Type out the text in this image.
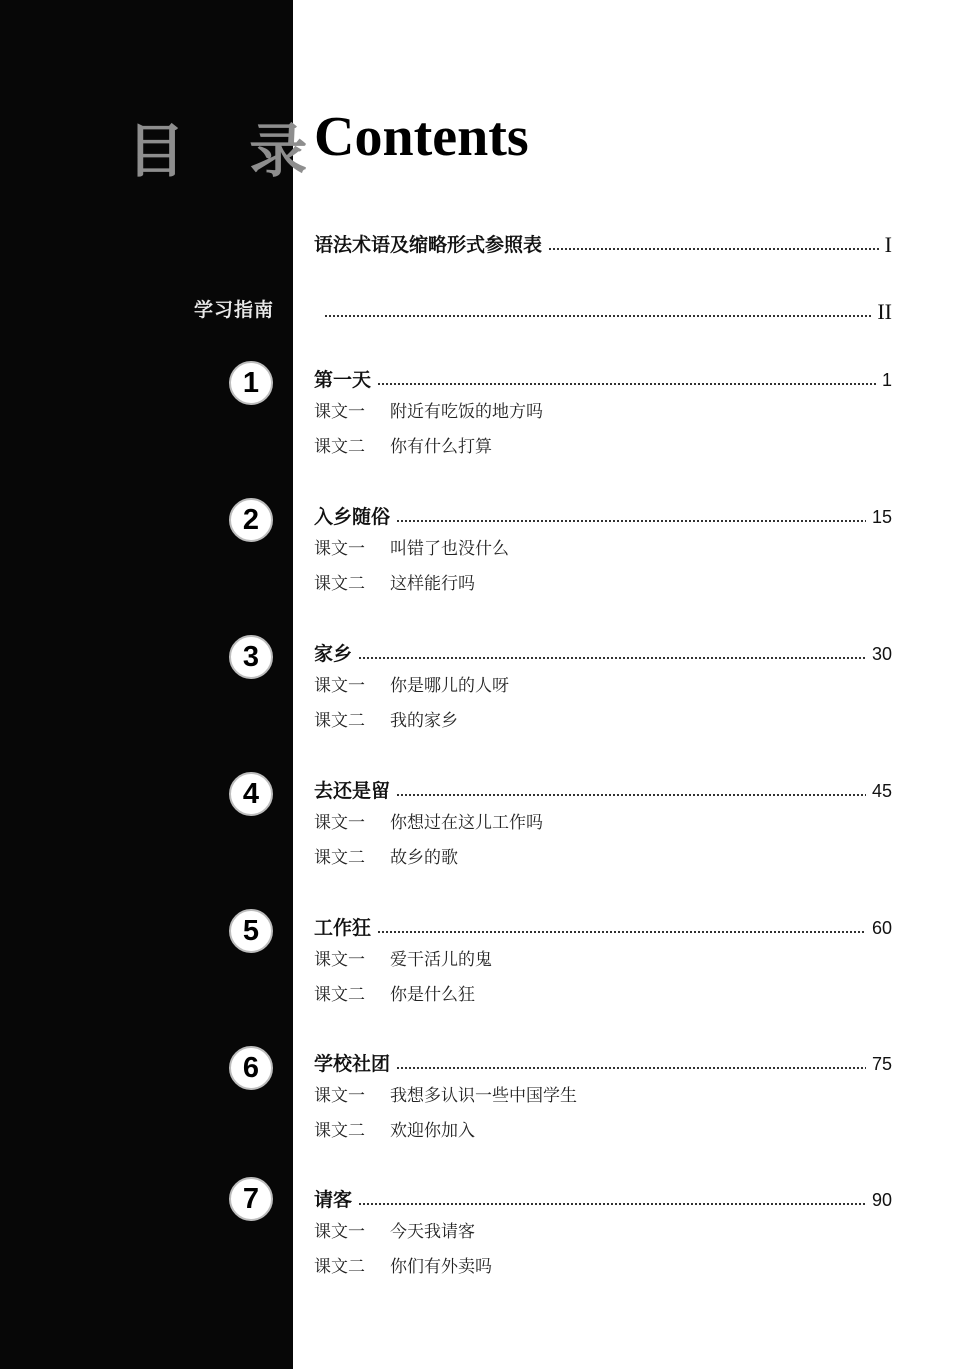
目 录
Contents
语法术语及缩略形式参照表	I
学习指南	II
1	第一天	1
课文一 附近有吃饭的地方吗
课文二 你有什么打算
2	入乡随俗	15
课文一 叫错了也没什么
课文二 这样能行吗
3	家乡	30
课文一 你是哪儿的人呀
课文二 我的家乡
4	去还是留	45
课文一 你想过在这儿工作吗
课文二 故乡的歌
5	工作狂	60
课文一 爱干活儿的鬼
课文二 你是什么狂
6	学校社团	75
课文一 我想多认识一些中国学生
课文二 欢迎你加入
7	请客	90
课文一 今天我请客
课文二 你们有外卖吗
